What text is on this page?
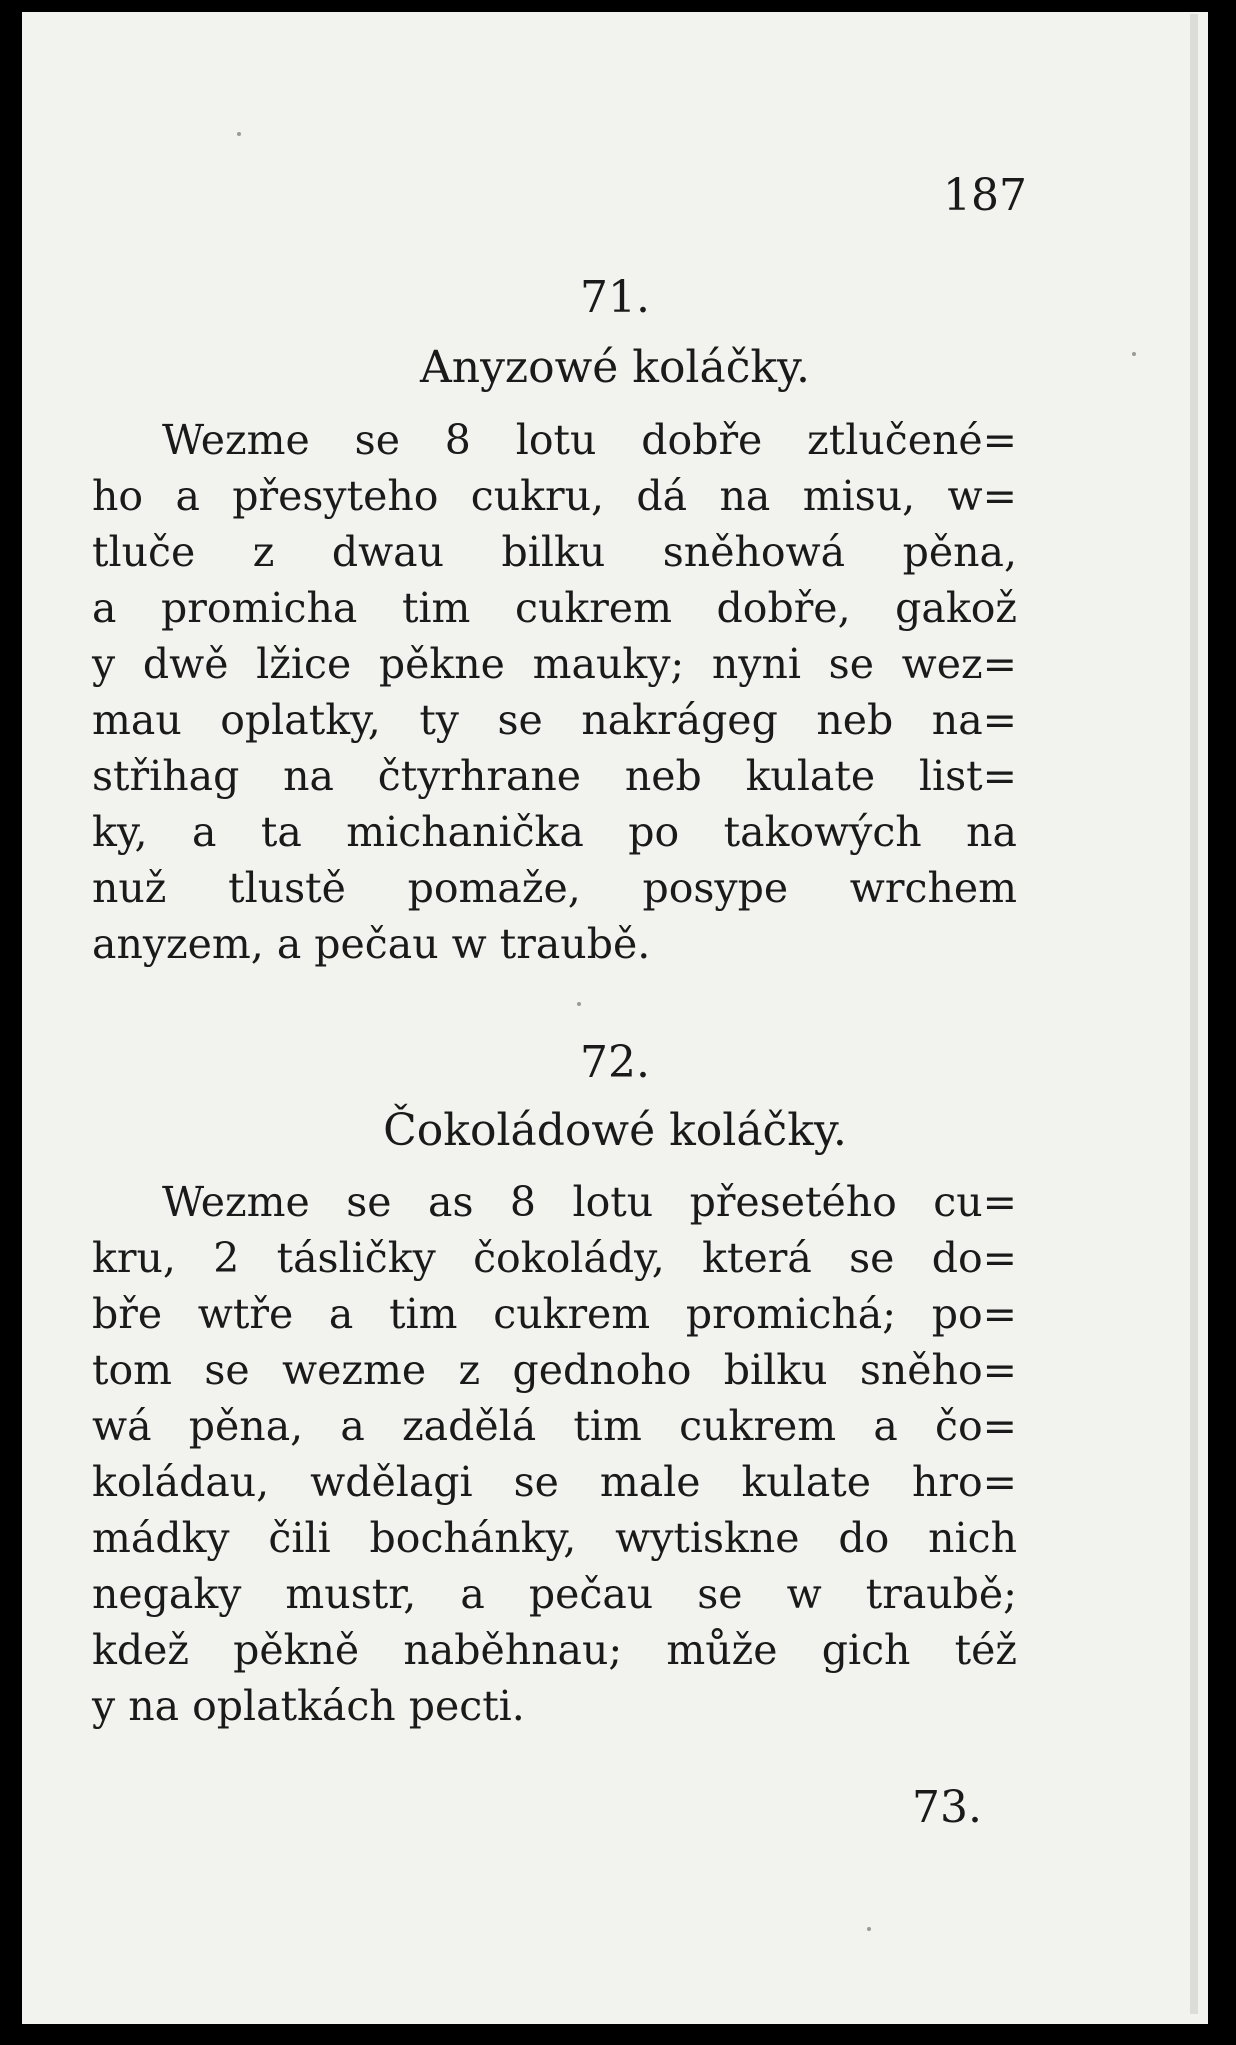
187
71.
Anyzowé koláčky.
Wezme se 8 lotu dobře ztlučené=
ho a přesyteho cukru, dá na misu, w=
tluče z dwau bilku sněhowá pěna,
a promicha tim cukrem dobře, gakož
y dwě lžice pěkne mauky; nyni se wez=
mau oplatky, ty se nakrágeg neb na=
střihag na čtyrhrane neb kulate list=
ky, a ta michanička po takowých na
nuž tlustě pomaže, posype wrchem
anyzem, a pečau w traubě.
72.
Čokoládowé koláčky.
Wezme se as 8 lotu přesetého cu=
kru, 2 tásličky čokolády, která se do=
bře wtře a tim cukrem promichá; po=
tom se wezme z gednoho bilku sněho=
wá pěna, a zadělá tim cukrem a čo=
koládau, wdělagi se male kulate hro=
mádky čili bochánky, wytisknе do nich
negaky mustr, a pečau se w traubě;
kdež pěkně naběhnau; může gich též
y na oplatkách pecti.
73.
